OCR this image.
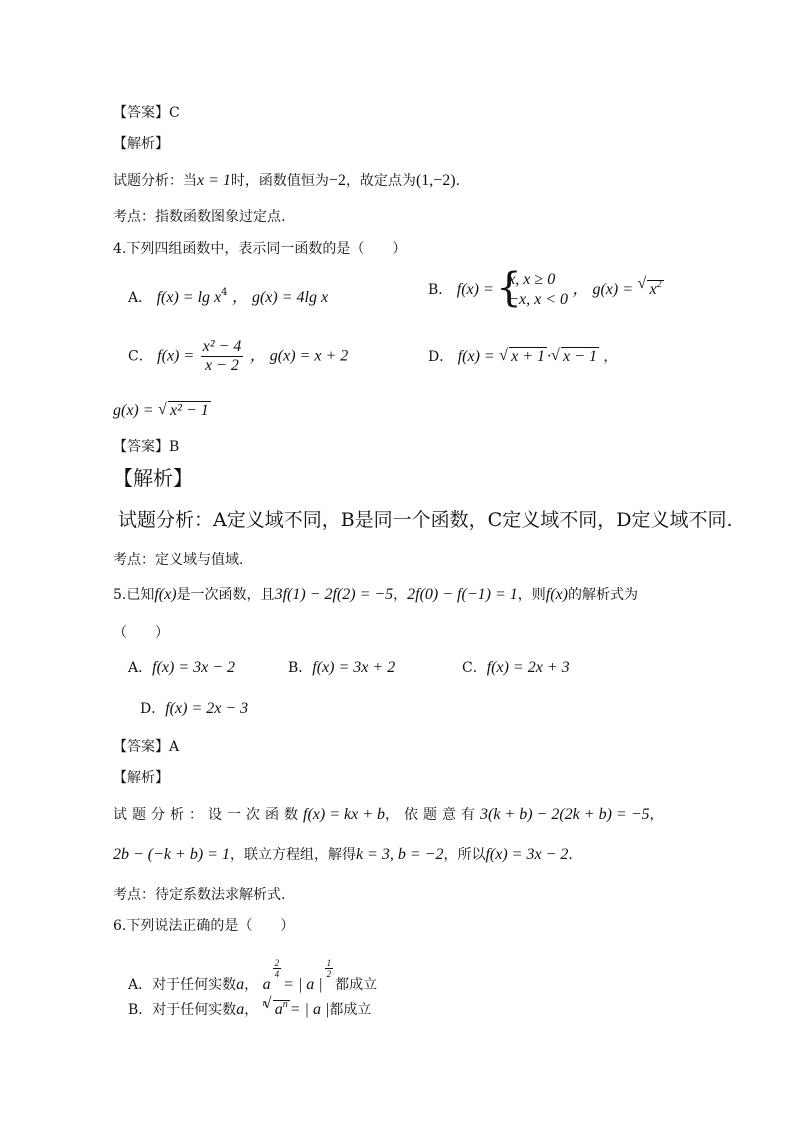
【答案】C
【解析】
试题分析：当x = 1时，函数值恒为−2，故定点为(1,−2).
考点：指数函数图象过定点.
4.下列四组函数中，表示同一函数的是（　　）
A． $f(x) = \lg x^4$ ， g(x) = 4lg x	B． f(x) = {
x, x ≥ 0
−x, x < 0
， g(x) = √ $x^2$
C． $f(x) = \frac{\text{x² − 4}}{x - 2}$ ， g(x) = x + 2	D． f(x) = √ x + 1 · √ x − 1 ，
g(x) = √ x² − 1
【答案】B
【解析】
试题分析：A定义域不同，B是同一个函数，C定义域不同，D定义域不同.
考点：定义域与值域.
5.已知f(x)是一次函数，且3f(1) − 2f(2) = −5，2f(0) − f(−1) = 1，则f(x)的解析式为
（　　）
A．f(x) = 3x − 2	B．f(x) = 3x + 2	C．f(x) = 2x + 3
D．f(x) = 2x − 3
【答案】A
【解析】
试题分析：设一次函数f(x) = kx + b，依题意有3(k + b) − 2(2k + b) = −5，
2b − (−k + b) = 1，联立方程组，解得k = 3, b = −2，所以f(x) = 3x − 2.
考点：待定系数法求解析式.
6.下列说法正确的是（　　）
A．对于任何实数a， a
$\frac{2}{4}$
= | a |
$\frac{1}{2}$
都成立
B．对于任何实数a， $^n$ √ $a^n$ = | a |都成立
